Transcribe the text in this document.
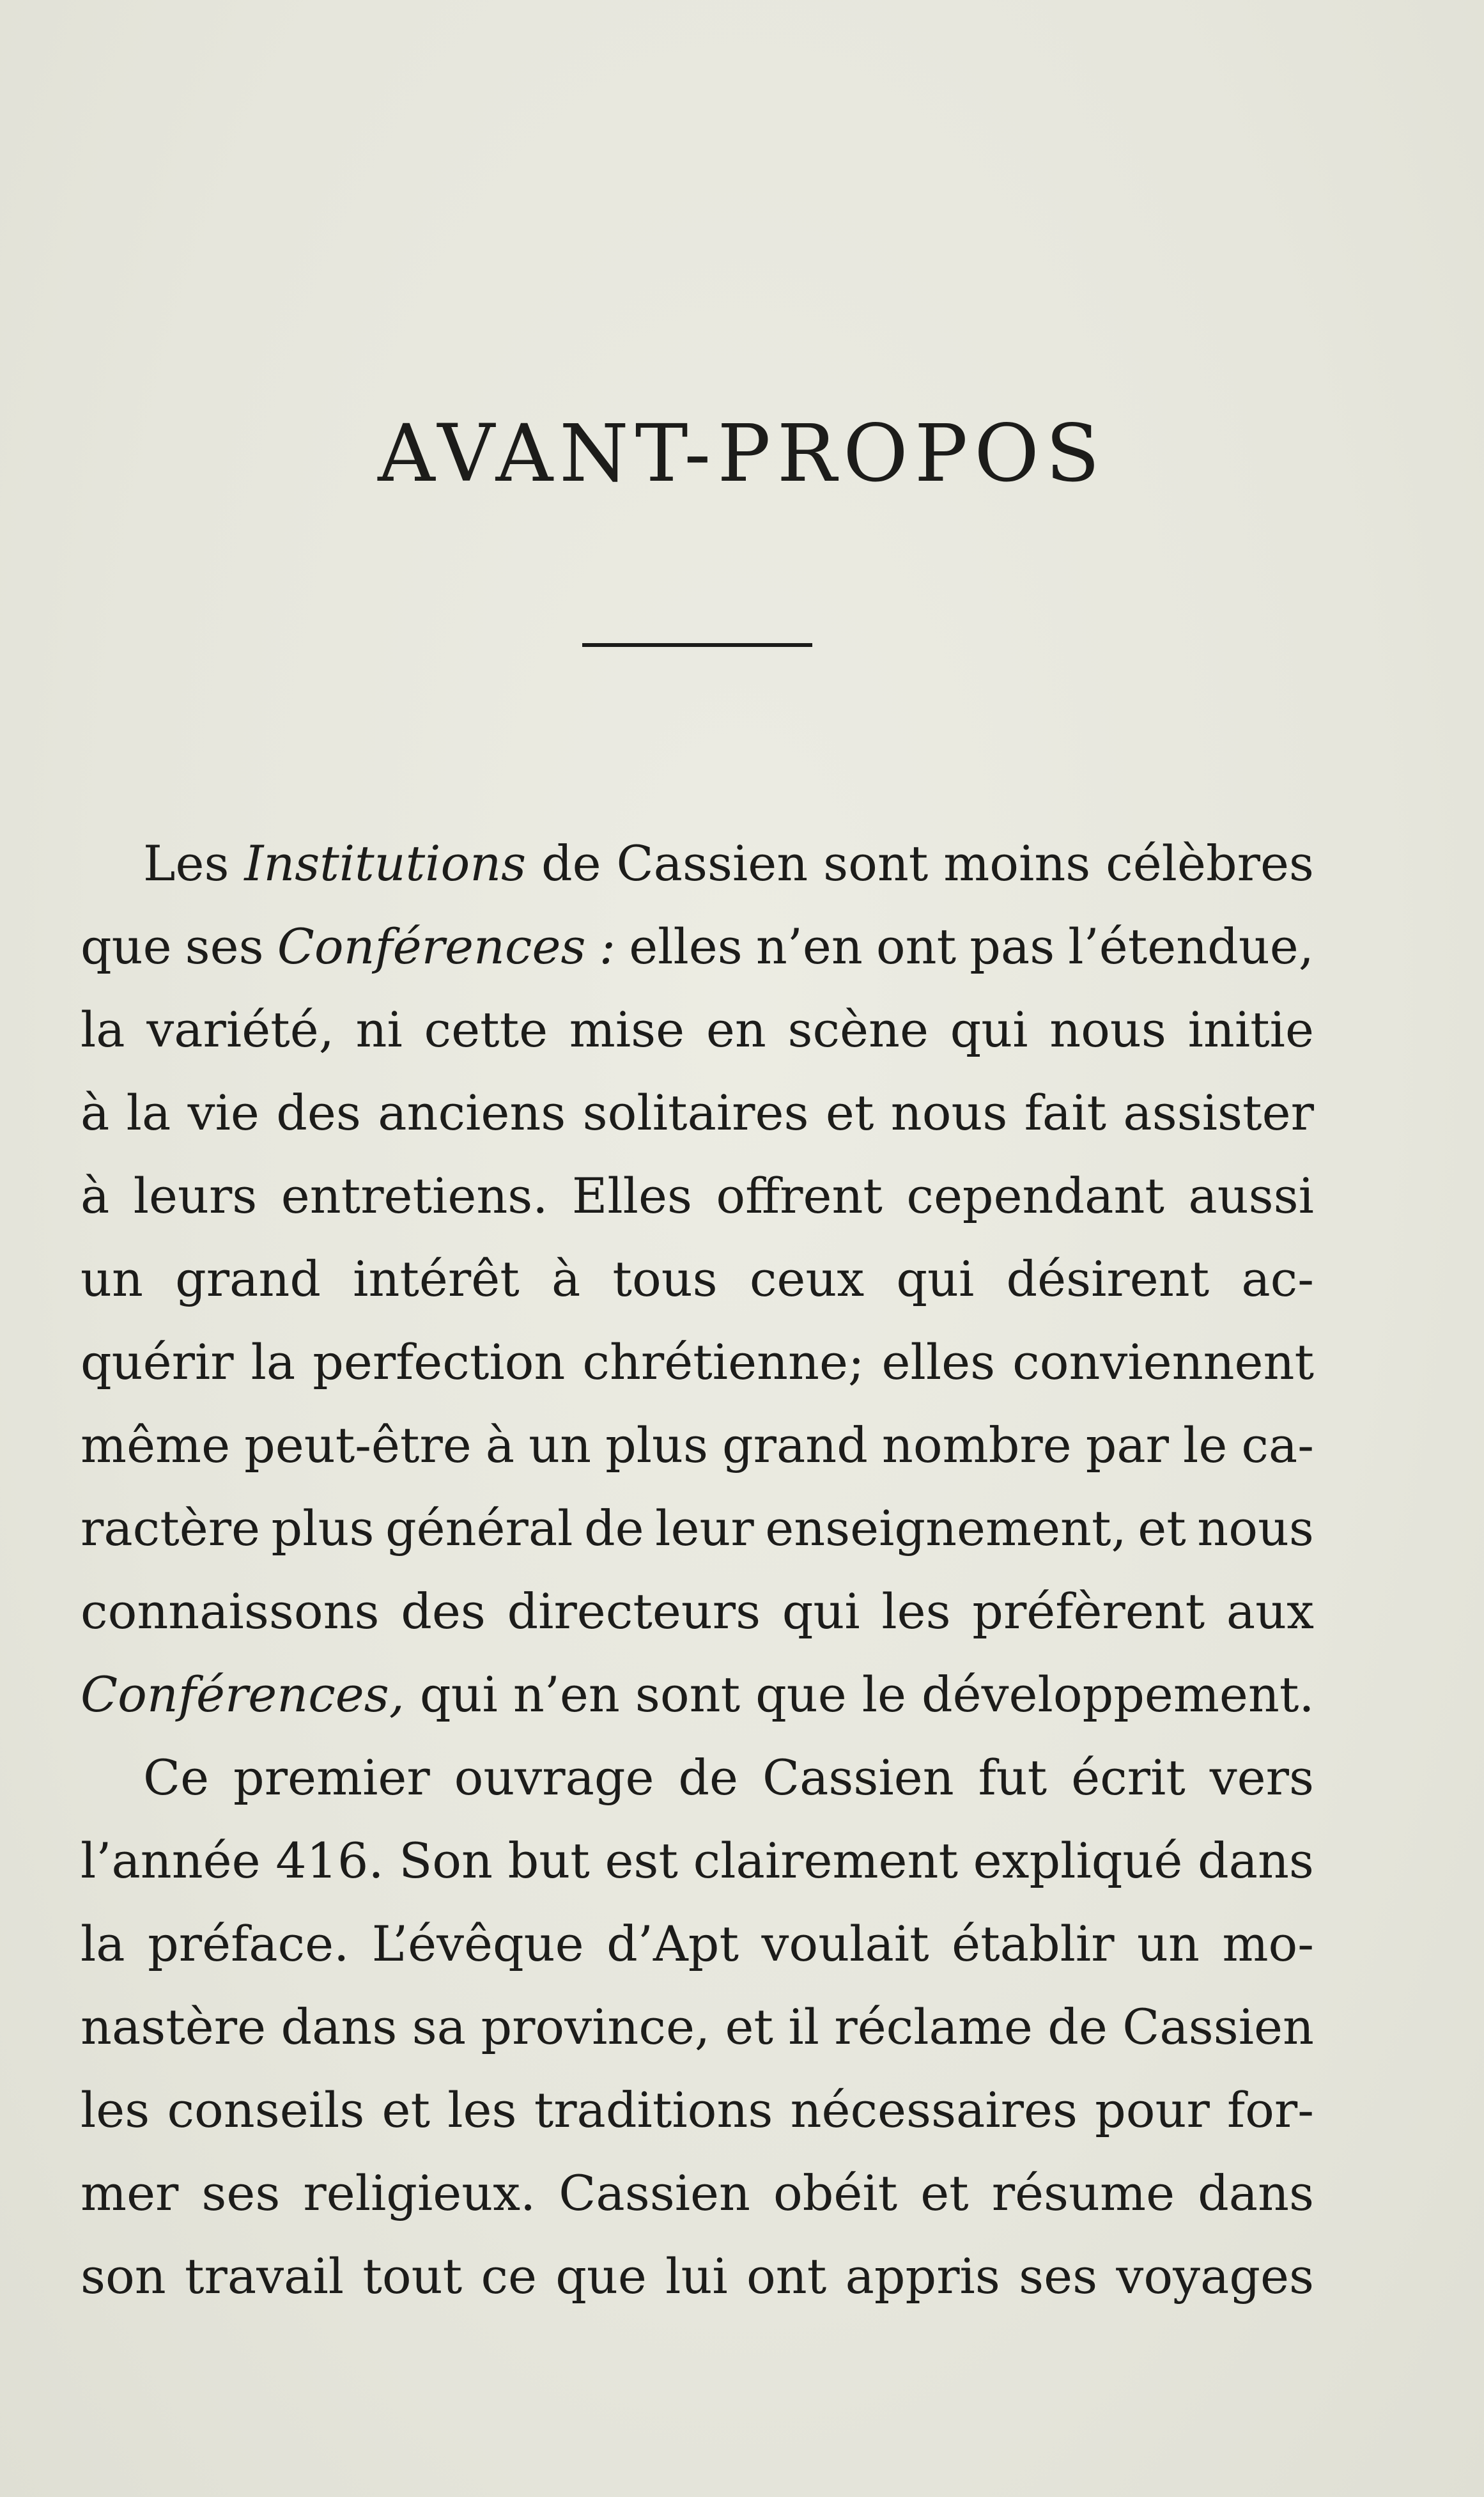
AVANT-PROPOS
Les Institutions de Cassien sont moins célèbres
que ses Conférences : elles n’en ont pas l’étendue,
la variété, ni cette mise en scène qui nous initie
à la vie des anciens solitaires et nous fait assister
à leurs entretiens. Elles offrent cependant aussi
un grand intérêt à tous ceux qui désirent ac-
quérir la perfection chrétienne; elles conviennent
même peut-être à un plus grand nombre par le ca-
ractère plus général de leur enseignement, et nous
connaissons des directeurs qui les préfèrent aux
Conférences, qui n’en sont que le développement.
Ce premier ouvrage de Cassien fut écrit vers
l’année 416. Son but est clairement expliqué dans
la préface. L’évêque d’Apt voulait établir un mo-
nastère dans sa province, et il réclame de Cassien
les conseils et les traditions nécessaires pour for-
mer ses religieux. Cassien obéit et résume dans
son travail tout ce que lui ont appris ses voyages
